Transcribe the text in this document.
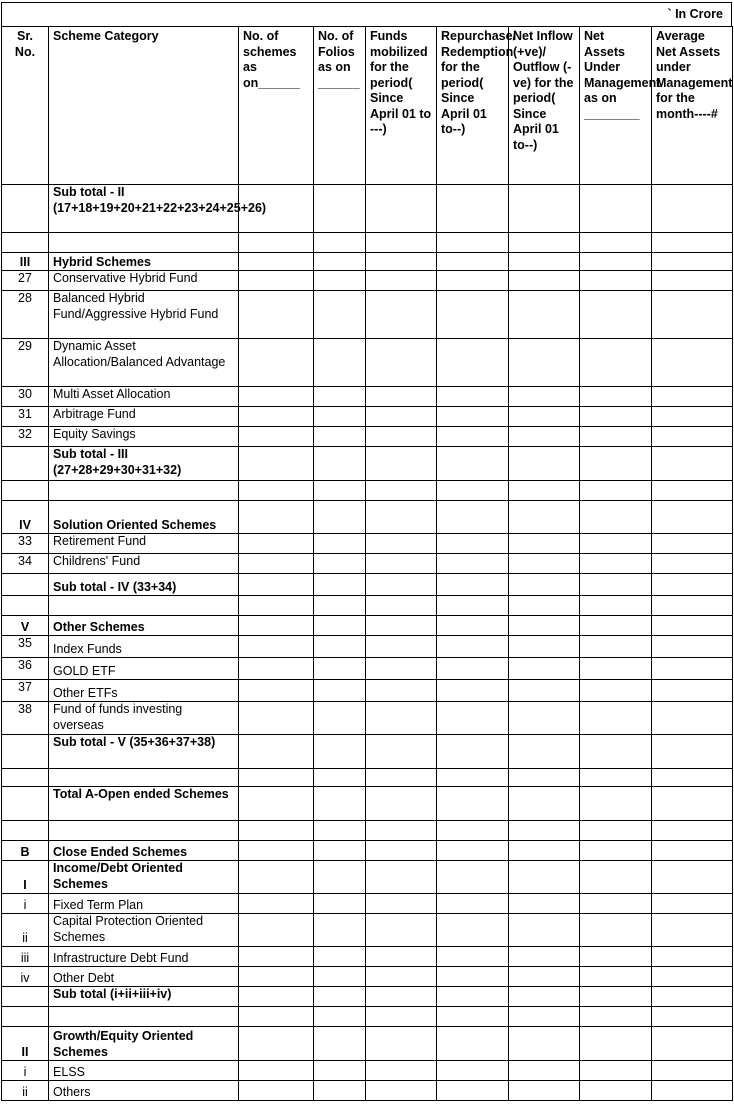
` In Crore
Sr. No.	Scheme Category	No. of schemes as on______	No. of Folios as on ______	Funds mobilized for the period( Since April 01 to ---)	Repurchase/ Redemption for the period( Since April 01 to--)	Net Inflow (+ve)/ Outflow (-ve) for the period( Since April 01 to--)	Net Assets Under Management as on ________	Average Net Assets under Management for the month----#
	Sub total - II (17+18+19+20+21+22+23+24+25+26)							

III	Hybrid Schemes							
27	Conservative Hybrid Fund							
28	Balanced Hybrid Fund/Aggressive Hybrid Fund							
29	Dynamic Asset Allocation/Balanced Advantage							
30	Multi Asset Allocation							
31	Arbitrage Fund							
32	Equity Savings							
	Sub total - III (27+28+29+30+31+32)							

IV	Solution Oriented Schemes							
33	Retirement Fund							
34	Childrens' Fund							
	Sub total - IV (33+34)							

V	Other Schemes							
35	Index Funds							
36	GOLD ETF							
37	Other ETFs							
38	Fund of funds investing overseas							
	Sub total - V (35+36+37+38)							

	Total A-Open ended Schemes							

B	Close Ended Schemes							
I	Income/Debt Oriented Schemes							
i	Fixed Term Plan							
ii	Capital Protection Oriented Schemes							
iii	Infrastructure Debt Fund							
iv	Other Debt							
	Sub total (i+ii+iii+iv)							

II	Growth/Equity Oriented Schemes							
i	ELSS							
ii	Others							
